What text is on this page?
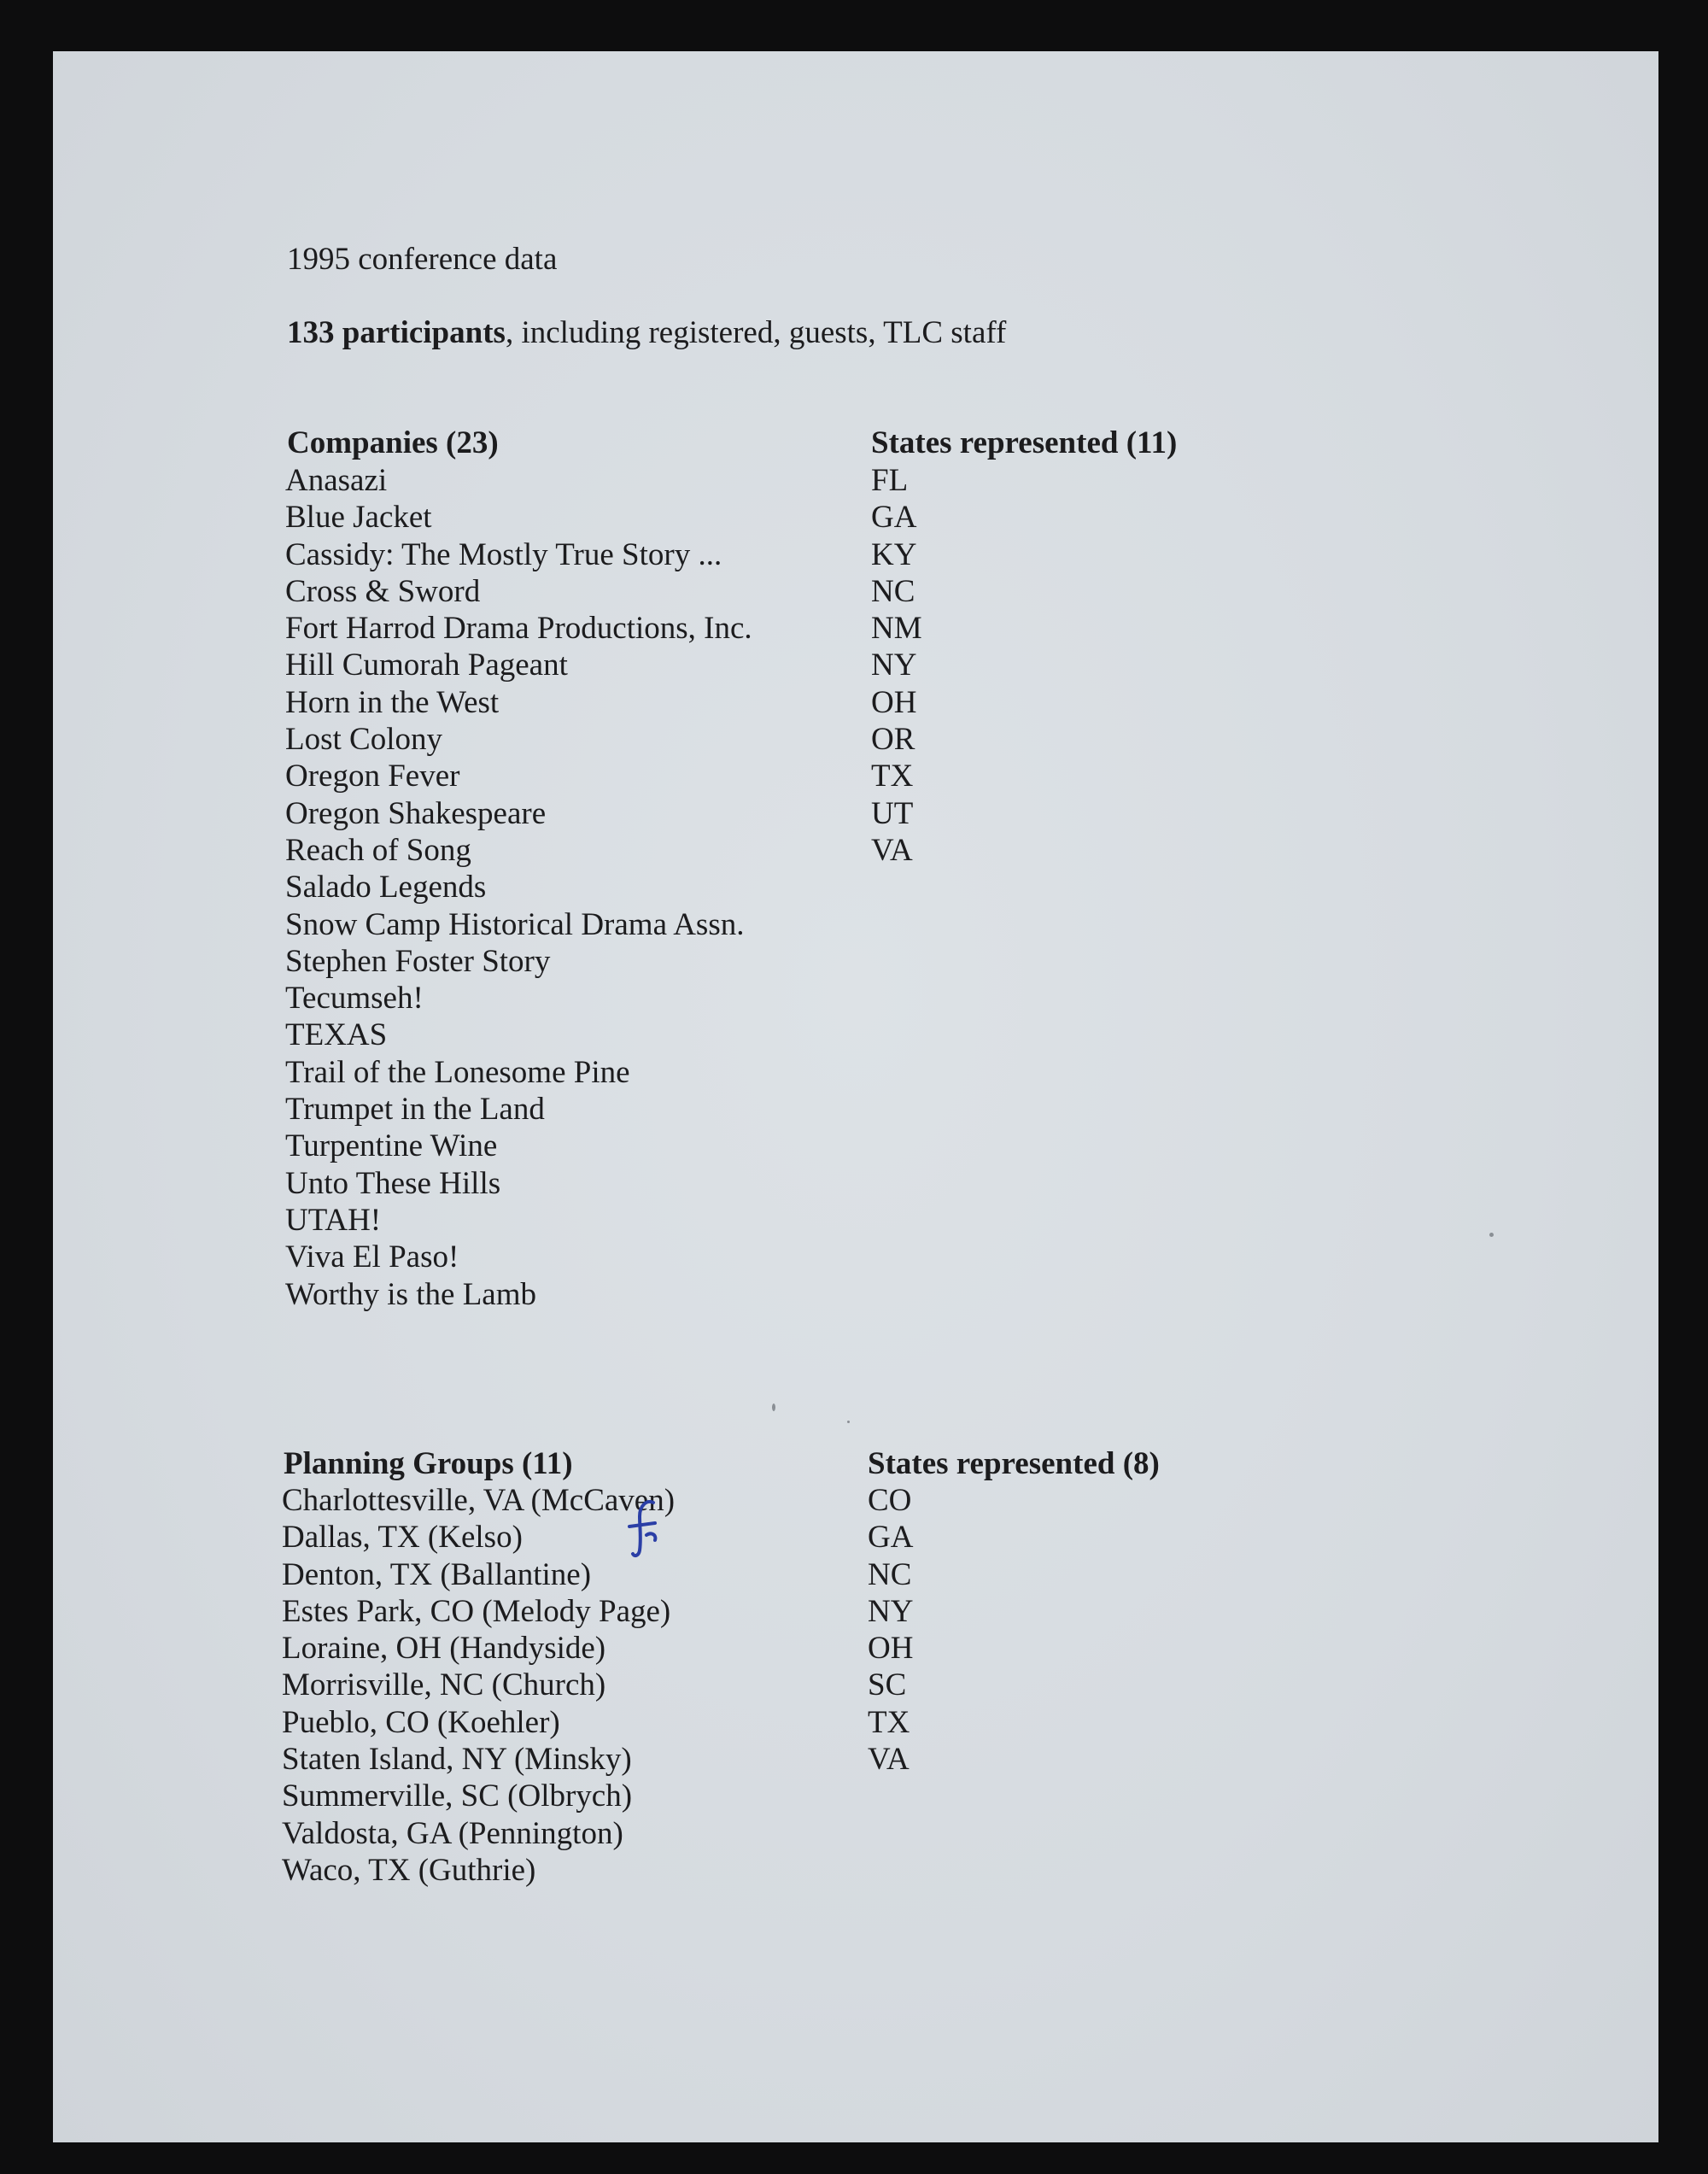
1995 conference data
133 participants, including registered, guests, TLC staff
Companies (23)
Anasazi
Blue Jacket
Cassidy: The Mostly True Story ...
Cross & Sword
Fort Harrod Drama Productions, Inc.
Hill Cumorah Pageant
Horn in the West
Lost Colony
Oregon Fever
Oregon Shakespeare
Reach of Song
Salado Legends
Snow Camp Historical Drama Assn.
Stephen Foster Story
Tecumseh!
TEXAS
Trail of the Lonesome Pine
Trumpet in the Land
Turpentine Wine
Unto These Hills
UTAH!
Viva El Paso!
Worthy is the Lamb
States represented (11)
FL
GA
KY
NC
NM
NY
OH
OR
TX
UT
VA
Planning Groups (11)
Charlottesville, VA (McCaven)
Dallas, TX (Kelso)
Denton, TX (Ballantine)
Estes Park, CO (Melody Page)
Loraine, OH (Handyside)
Morrisville, NC (Church)
Pueblo, CO (Koehler)
Staten Island, NY (Minsky)
Summerville, SC (Olbrych)
Valdosta, GA (Pennington)
Waco, TX (Guthrie)
States represented (8)
CO
GA
NC
NY
OH
SC
TX
VA
